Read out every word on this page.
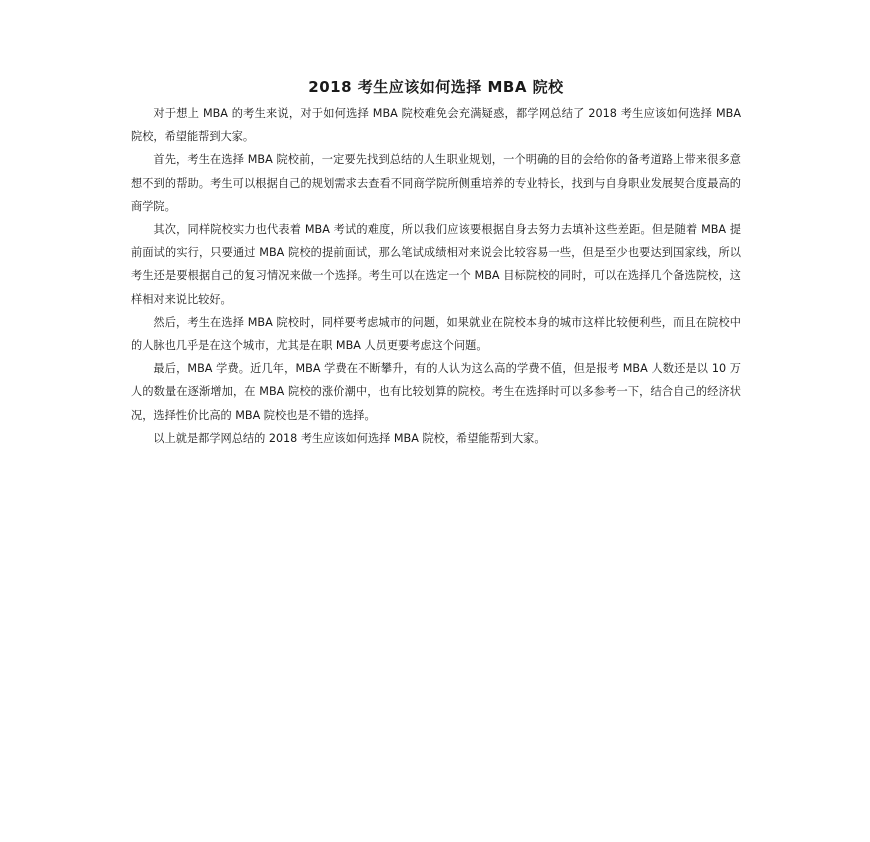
2018 考生应该如何选择 MBA 院校

对于想上 MBA 的考生来说，对于如何选择 MBA 院校难免会充满疑惑，都学网总结了 2018 考生应该如何选择 MBA 院校，希望能帮到大家。

首先，考生在选择 MBA 院校前，一定要先找到总结的人生职业规划，一个明确的目的会给你的备考道路上带来很多意想不到的帮助。考生可以根据自己的规划需求去查看不同商学院所侧重培养的专业特长，找到与自身职业发展契合度最高的商学院。

其次，同样院校实力也代表着 MBA 考试的难度，所以我们应该要根据自身去努力去填补这些差距。但是随着 MBA 提前面试的实行，只要通过 MBA 院校的提前面试，那么笔试成绩相对来说会比较容易一些，但是至少也要达到国家线，所以考生还是要根据自己的复习情况来做一个选择。考生可以在选定一个 MBA 目标院校的同时，可以在选择几个备选院校，这样相对来说比较好。

然后，考生在选择 MBA 院校时，同样要考虑城市的问题，如果就业在院校本身的城市这样比较便利些，而且在院校中的人脉也几乎是在这个城市，尤其是在职 MBA 人员更要考虑这个问题。

最后，MBA 学费。近几年，MBA 学费在不断攀升，有的人认为这么高的学费不值，但是报考 MBA 人数还是以 10 万人的数量在逐渐增加，在 MBA 院校的涨价潮中，也有比较划算的院校。考生在选择时可以多参考一下，结合自己的经济状况，选择性价比高的 MBA 院校也是不错的选择。

以上就是都学网总结的 2018 考生应该如何选择 MBA 院校，希望能帮到大家。
